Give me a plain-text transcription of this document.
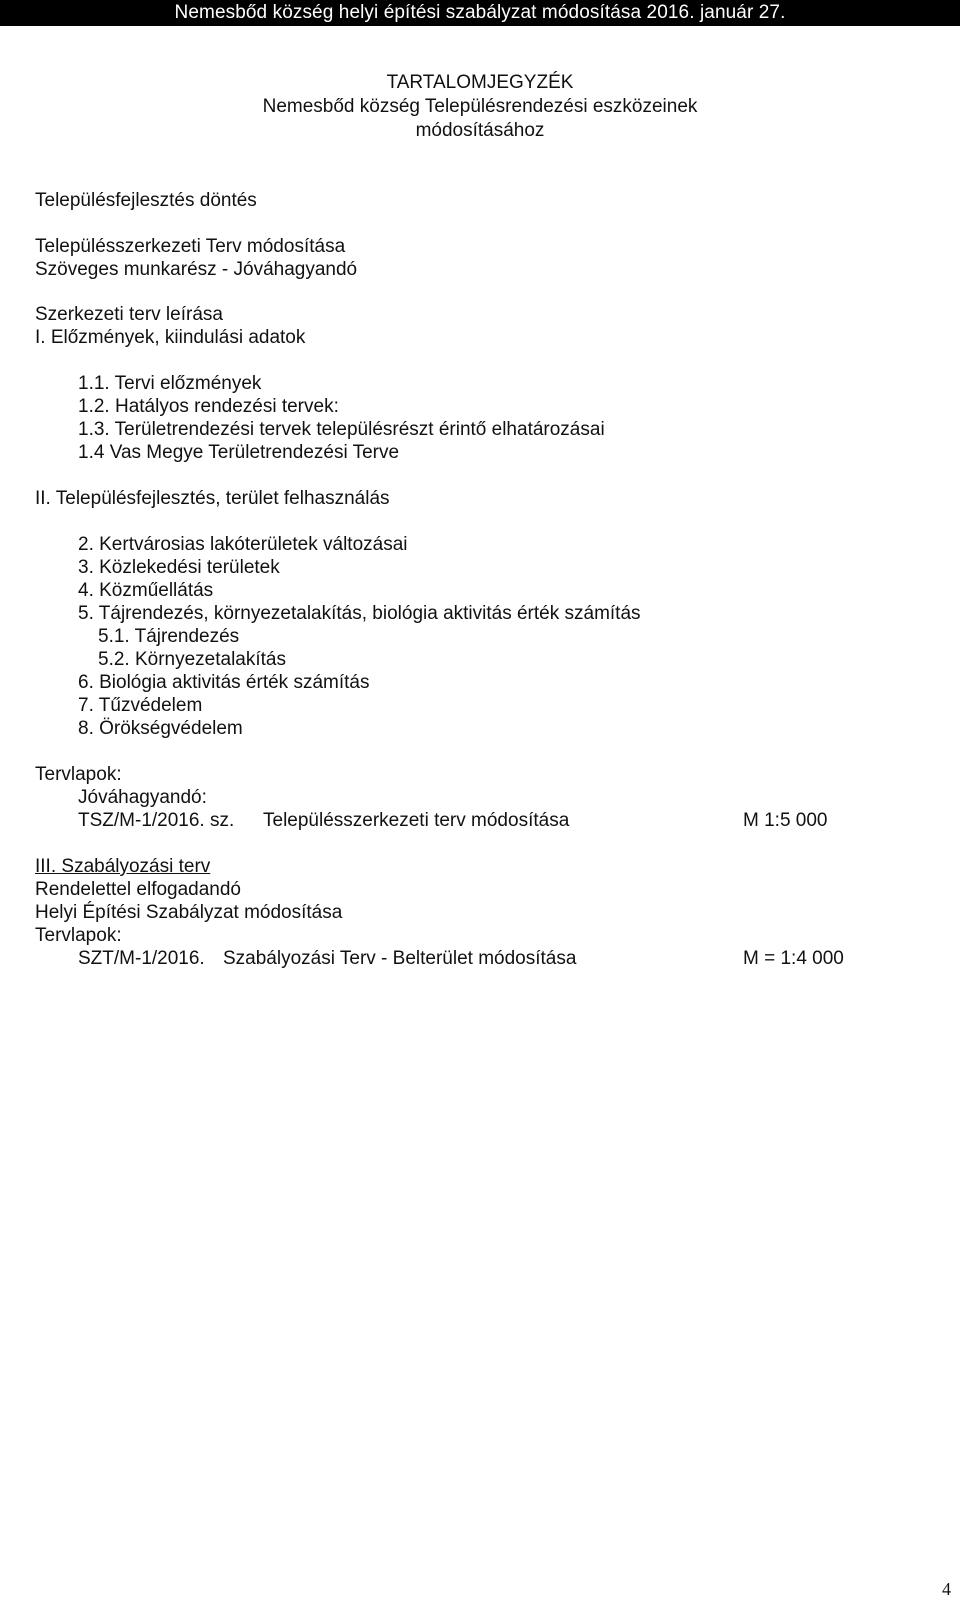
Nemesbőd község helyi építési szabályzat módosítása 2016. január 27.
TARTALOMJEGYZÉK
Nemesbőd község Településrendezési eszközeinek
módosításához
Településfejlesztés döntés
Településszerkezeti Terv módosítása
Szöveges munkarész - Jóváhagyandó
Szerkezeti terv leírása
I. Előzmények, kiindulási adatok
1.1. Tervi előzmények
1.2. Hatályos rendezési tervek:
1.3. Területrendezési tervek településrészt érintő elhatározásai
1.4 Vas Megye Területrendezési Terve
II. Településfejlesztés, terület felhasználás
2. Kertvárosias lakóterületek változásai
3. Közlekedési területek
4. Közműellátás
5. Tájrendezés, környezetalakítás, biológia aktivitás érték számítás
5.1. Tájrendezés
5.2. Környezetalakítás
6. Biológia aktivitás érték számítás
7. Tűzvédelem
8. Örökségvédelem
Tervlapok:
Jóváhagyandó:
TSZ/M-1/2016. sz. Településszerkezeti terv módosítása	M 1:5 000
III. Szabályozási terv
Rendelettel elfogadandó
Helyi Építési Szabályzat módosítása
Tervlapok:
SZT/M-1/2016. Szabályozási Terv - Belterület módosítása	M = 1:4 000
4
